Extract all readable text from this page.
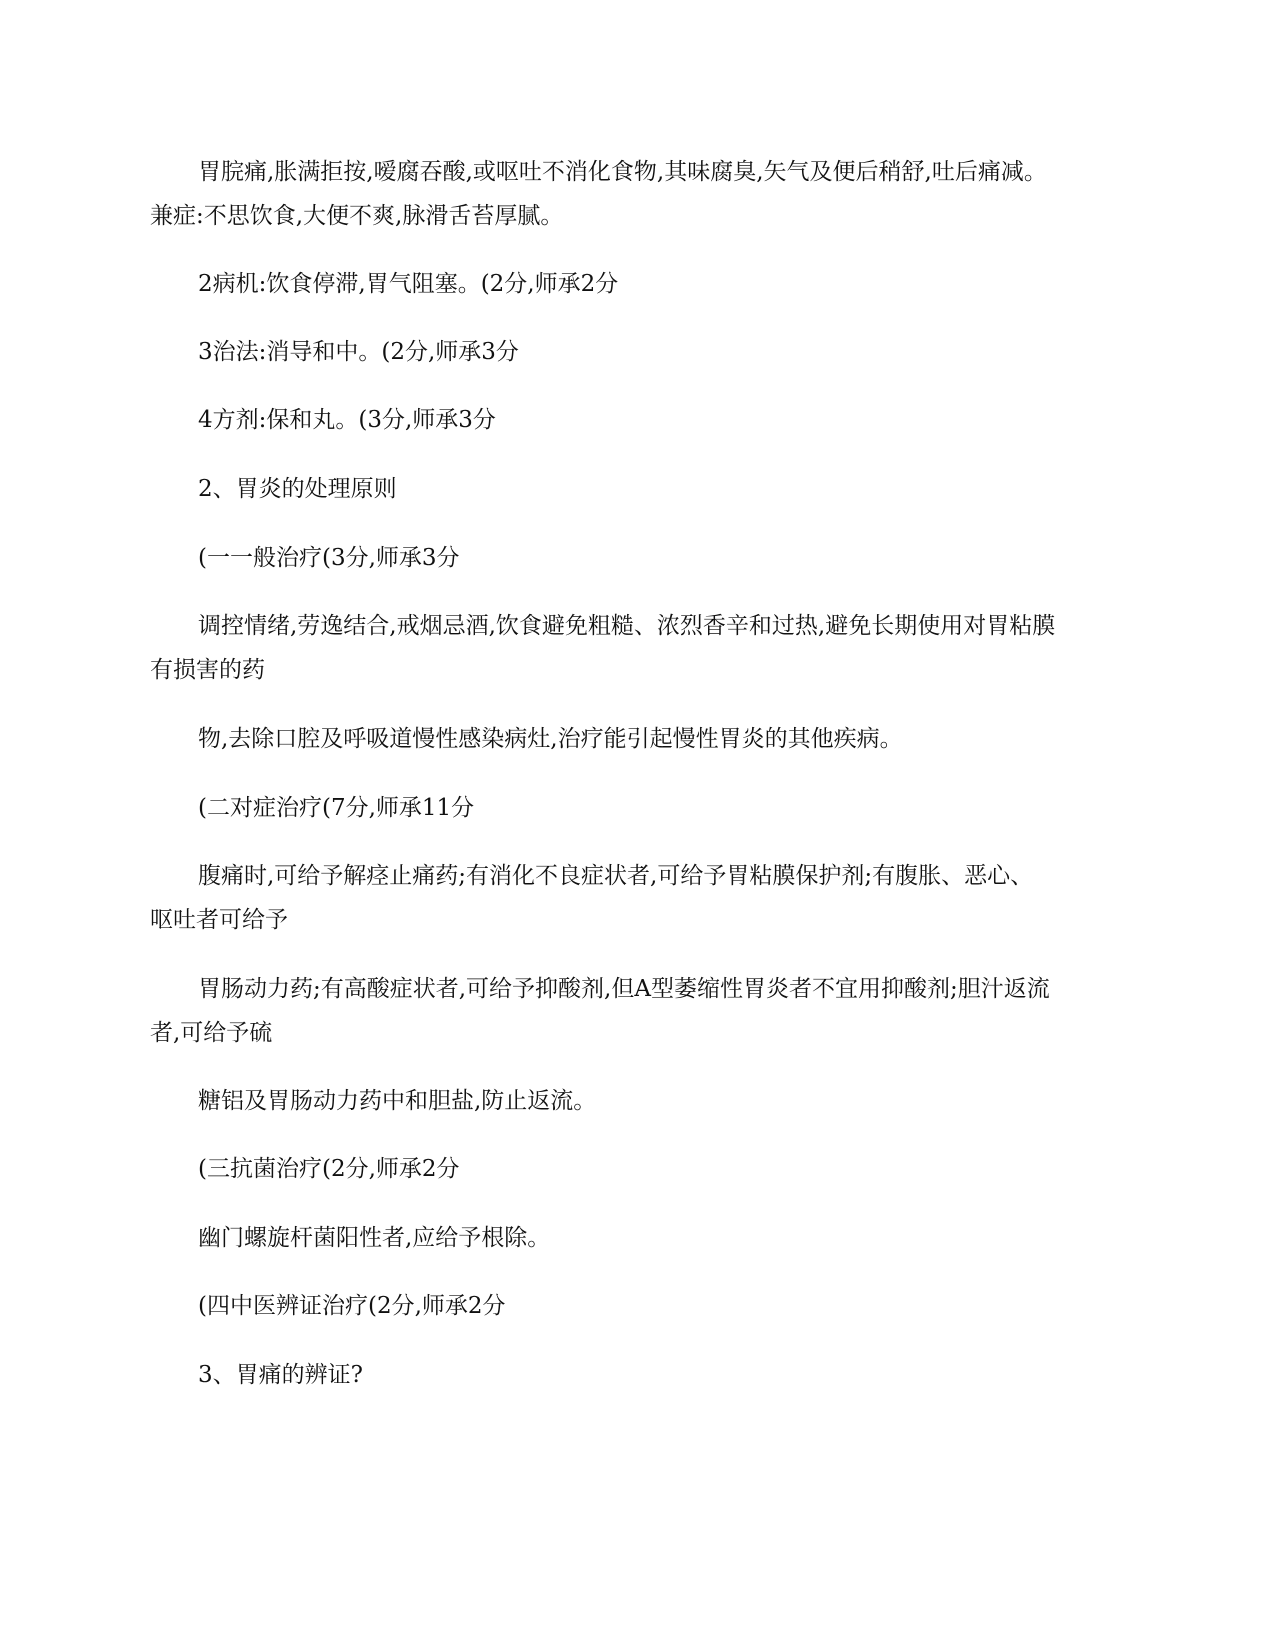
胃脘痛,胀满拒按,嗳腐吞酸,或呕吐不消化食物,其味腐臭,矢气及便后稍舒,吐后痛减。
兼症:不思饮食,大便不爽,脉滑舌苔厚腻。
2病机:饮食停滞,胃气阻塞。(2分,师承2分
3治法:消导和中。(2分,师承3分
4方剂:保和丸。(3分,师承3分
2、胃炎的处理原则
(一一般治疗(3分,师承3分
调控情绪,劳逸结合,戒烟忌酒,饮食避免粗糙、浓烈香辛和过热,避免长期使用对胃粘膜
有损害的药
物,去除口腔及呼吸道慢性感染病灶,治疗能引起慢性胃炎的其他疾病。
(二对症治疗(7分,师承11分
腹痛时,可给予解痉止痛药;有消化不良症状者,可给予胃粘膜保护剂;有腹胀、恶心、
呕吐者可给予
胃肠动力药;有高酸症状者,可给予抑酸剂,但A型萎缩性胃炎者不宜用抑酸剂;胆汁返流
者,可给予硫
糖铝及胃肠动力药中和胆盐,防止返流。
(三抗菌治疗(2分,师承2分
幽门螺旋杆菌阳性者,应给予根除。
(四中医辨证治疗(2分,师承2分
3、胃痛的辨证?
